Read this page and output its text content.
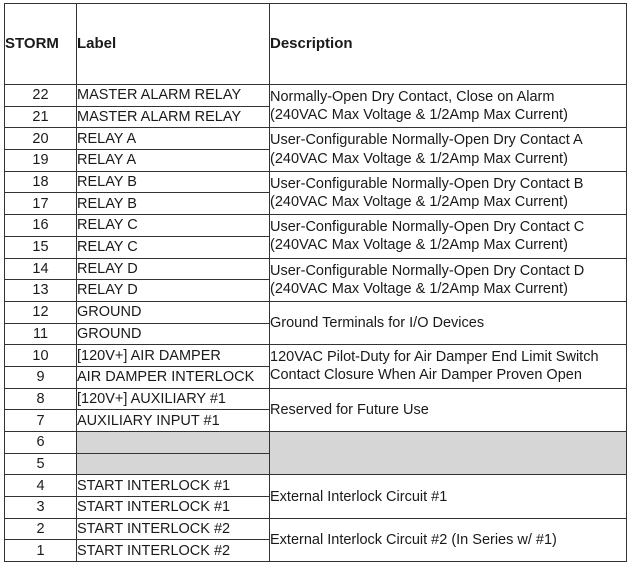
STORM	Label	Description
22	MASTER ALARM RELAY	Normally-Open Dry Contact, Close on Alarm
(240VAC Max Voltage & 1/2Amp Max Current)

21	MASTER ALARM RELAY	
20	RELAY A	User-Configurable Normally-Open Dry Contact A
(240VAC Max Voltage & 1/2Amp Max Current)

19	RELAY A	
18	RELAY B	User-Configurable Normally-Open Dry Contact B
(240VAC Max Voltage & 1/2Amp Max Current)

17	RELAY B	
16	RELAY C	User-Configurable Normally-Open Dry Contact C
(240VAC Max Voltage & 1/2Amp Max Current)

15	RELAY C	
14	RELAY D	User-Configurable Normally-Open Dry Contact D
(240VAC Max Voltage & 1/2Amp Max Current)

13	RELAY D	
12	GROUND	Ground Terminals for I/O Devices

11	GROUND	
10	[120V+] AIR DAMPER	120VAC Pilot-Duty for Air Damper End Limit Switch
Contact Closure When Air Damper Proven Open

9	AIR DAMPER INTERLOCK	
8	[120V+] AUXILIARY #1	Reserved for Future Use

7	AUXILIARY INPUT #1	
6		
5		
4	START INTERLOCK #1	External Interlock Circuit #1

3	START INTERLOCK #1	
2	START INTERLOCK #2	External Interlock Circuit #2 (In Series w/ #1)

1	START INTERLOCK #2	
